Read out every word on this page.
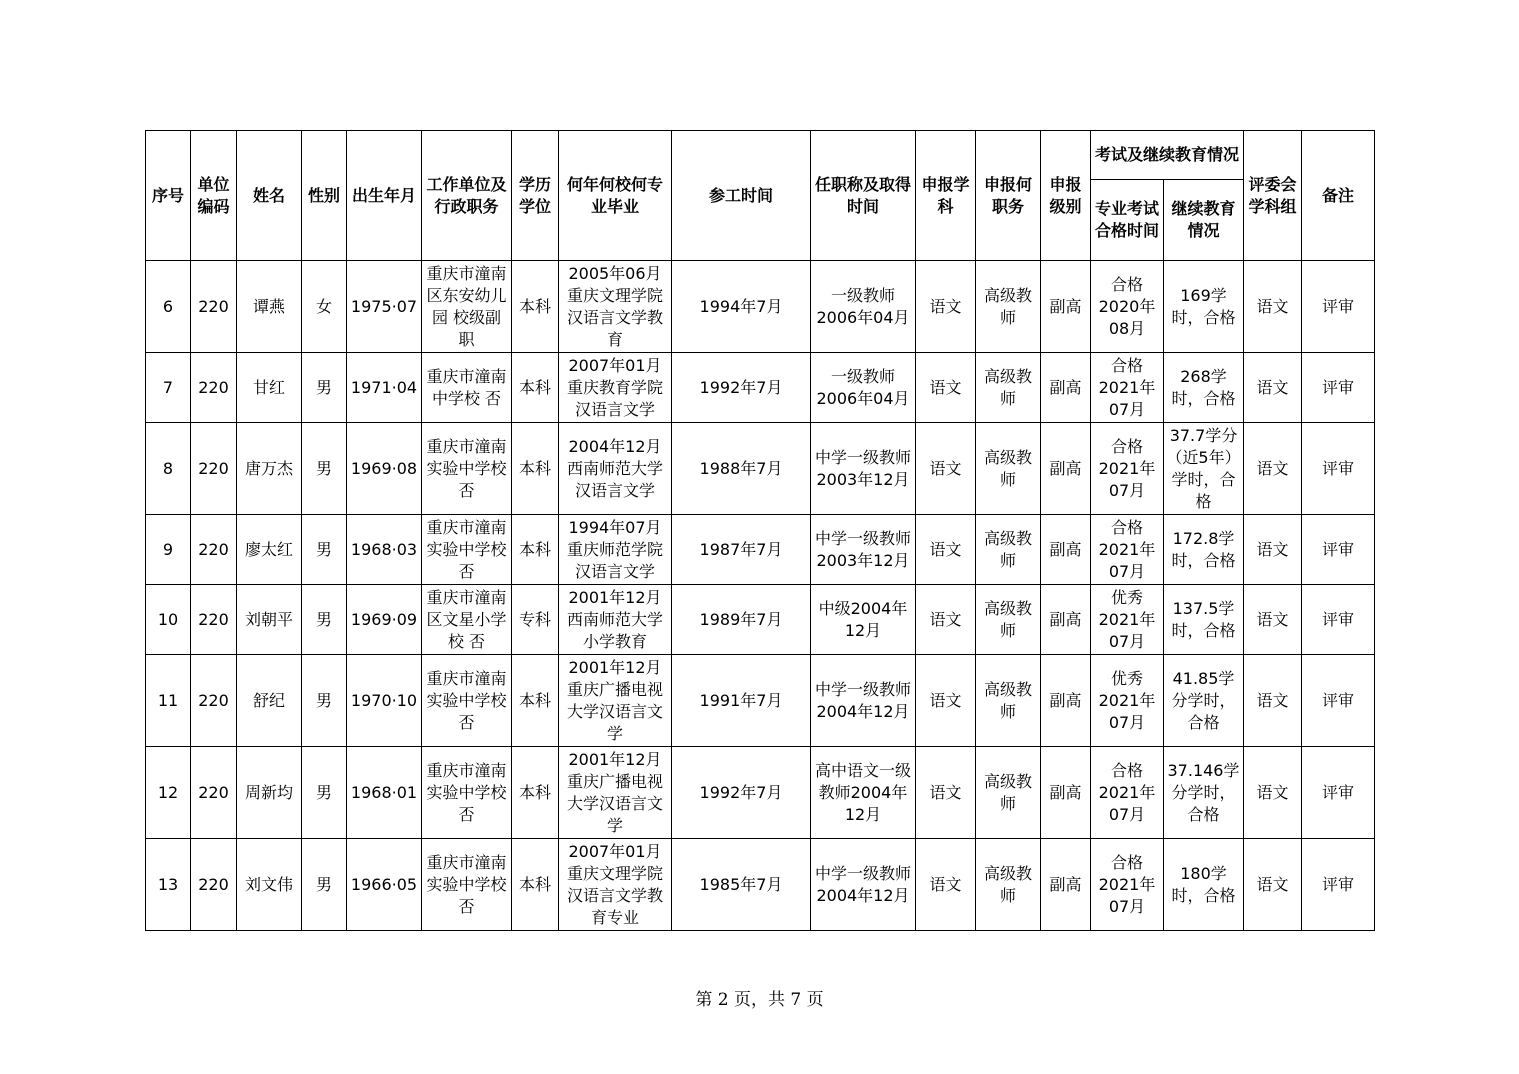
序号	单位编码	姓名	性别	出生年月	工作单位及行政职务	学历学位	何年何校何专业毕业	参工时间	任职称及取得时间	申报学科	申报何职务	申报级别	考试及继续教育情况		评委会学科组	备注
													专业考试合格时间	继续教育情况		

6	220	谭燕	女	1975·07	重庆市潼南区东安幼儿园 校级副职	本科	2005年06月重庆文理学院汉语言文学教育	1994年7月	一级教师2006年04月	语文	高级教师	副高	合格2020年08月	169学时，合格	语文	评审

7	220	甘红	男	1971·04	重庆市潼南中学校 否	本科	2007年01月重庆教育学院汉语言文学	1992年7月	一级教师2006年04月	语文	高级教师	副高	合格2021年07月	268学时，合格	语文	评审

8	220	唐万杰	男	1969·08	重庆市潼南实验中学校 否	本科	2004年12月西南师范大学汉语言文学	1988年7月	中学一级教师2003年12月	语文	高级教师	副高	合格2021年07月	37.7学分（近5年）学时，合格	语文	评审

9	220	廖太红	男	1968·03	重庆市潼南实验中学校 否	本科	1994年07月重庆师范学院汉语言文学	1987年7月	中学一级教师2003年12月	语文	高级教师	副高	合格2021年07月	172.8学时，合格	语文	评审

10	220	刘朝平	男	1969·09	重庆市潼南区文星小学校 否	专科	2001年12月西南师范大学小学教育	1989年7月	中级2004年12月	语文	高级教师	副高	优秀2021年07月	137.5学时，合格	语文	评审

11	220	舒纪	男	1970·10	重庆市潼南实验中学校 否	本科	2001年12月重庆广播电视大学汉语言文学	1991年7月	中学一级教师2004年12月	语文	高级教师	副高	优秀2021年07月	41.85学分学时，合格	语文	评审

12	220	周新均	男	1968·01	重庆市潼南实验中学校 否	本科	2001年12月重庆广播电视大学汉语言文学	1992年7月	高中语文一级教师2004年12月	语文	高级教师	副高	合格2021年07月	37.146学分学时，合格	语文	评审

13	220	刘文伟	男	1966·05	重庆市潼南实验中学校 否	本科	2007年01月重庆文理学院汉语言文学教育专业	1985年7月	中学一级教师2004年12月	语文	高级教师	副高	合格2021年07月	180学时，合格	语文	评审
第 2 页，共 7 页
